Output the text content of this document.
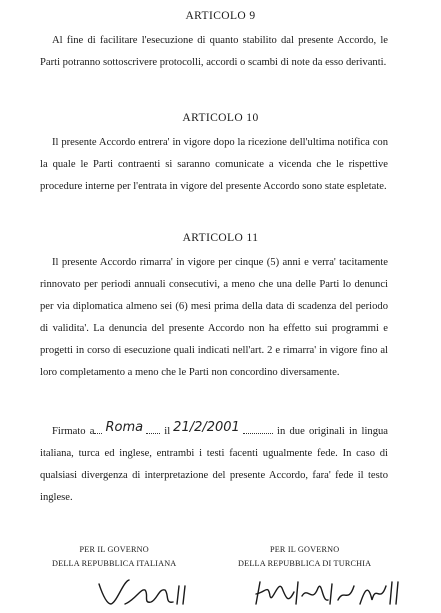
ARTICOLO 9
Al fine di facilitare l'esecuzione di quanto stabilito dal presente Accordo, le Parti potranno sottoscrivere protocolli, accordi o scambi di note da esso derivanti.
ARTICOLO 10
Il presente Accordo entrera' in vigore dopo la ricezione dell'ultima notifica con la quale le Parti contraenti si saranno comunicate a vicenda che le rispettive procedure interne per l'entrata in vigore del presente Accordo sono state espletate.
ARTICOLO 11
Il presente Accordo rimarra' in vigore per cinque (5) anni e verra' tacitamente rinnovato per periodi annuali consecutivi, a meno che una delle Parti lo denunci per via diplomatica almeno sei (6) mesi prima della data di scadenza del periodo di validita'. La denuncia del presente Accordo non ha effetto sui programmi e progetti in corso di esecuzione quali indicati nell'art. 2 e rimarra' in vigore fino al loro completamento a meno che le Parti non concordino diversamente.
Firmato a Roma il 21/2/2001	in due originali in lingua italiana, turca ed inglese, entrambi i testi facenti ugualmente fede. In caso di qualsiasi divergenza di interpretazione del presente Accordo, fara' fede il testo inglese.
PER IL GOVERNO
DELLA REPUBBLICA ITALIANA
PER IL GOVERNO
DELLA REPUBBLICA DI TURCHIA
